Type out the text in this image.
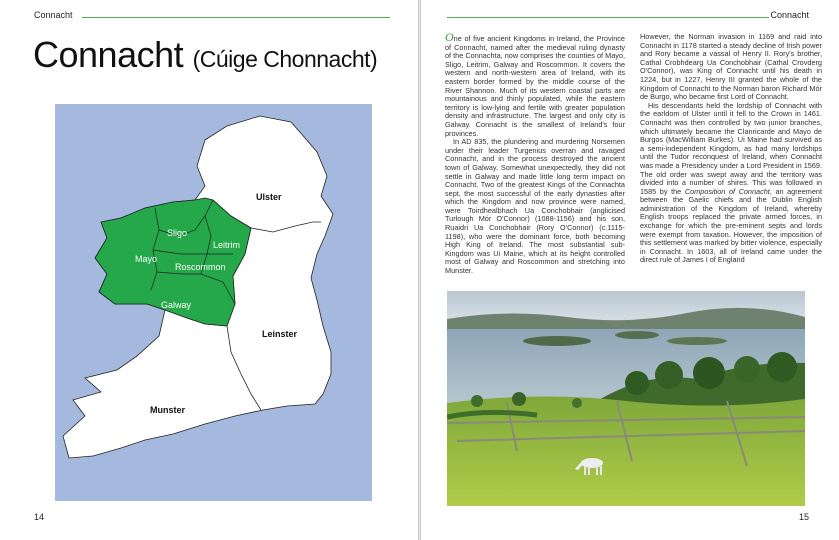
Connacht
Connacht (Cúige Chonnacht)
Ulster
Sligo
Leitrim
Mayo
Roscommon
Galway
Leinster
Munster
14
Connacht

One of five ancient Kingdoms in Ireland, the Province of Connacht, named after the medieval ruling dynasty of the Connachta, now comprises the counties of Mayo, Sligo, Leitrim, Galway and Roscommon. It covers the western and north-western area of Ireland, with its eastern border formed by the middle course of the River Shannon. Much of its western coastal parts are mountainous and thinly populated, while the eastern territory is low-lying and fertile with greater population density and infrastructure. The largest and only city is Galway. Connacht is the smallest of Ireland's four provinces.

In AD 835, the plundering and murdering Norsemen under their leader Turgenius overran and ravaged Connacht, and in the process destroyed the ancient town of Galway. Somewhat unexpectedly, they did not settle in Galway and made little long term impact on Connacht. Two of the greatest Kings of the Connachta sept, the most successful of the early dynasties after which the Kingdom and now province were named, were Toirdhealbhach Ua Conchobhair (anglicised Turlough Mór O'Connor) (1088-1156) and his son, Ruaidri Ua Conchobhair (Rory O'Connor) (c.1115-1198), who were the dominant force, both becoming High King of Ireland. The most substantial sub-Kingdom was Ui Maine, which at its height controlled most of Galway and Roscommon and stretching into Munster.

However, the Norman invasion in 1169 and raid into Connacht in 1178 started a steady decline of Irish power and Rory became a vassal of Henry II. Rory's brother, Cathal Crobhdearg Ua Conchobhair (Cathal Crovderg O'Connor), was King of Connacht until his death in 1224, but in 1227, Henry III granted the whole of the Kingdom of Connacht to the Norman baron Richard Mór de Burgo, who became first Lord of Connacht.

His descendants held the lordship of Connacht with the earldom of Ulster until it fell to the Crown in 1461. Connacht was then controlled by two junior branches, which ultimately became the Clanricarde and Mayo de Burgos (MacWilliam Burkes). Ui Maine had survived as a semi-independent Kingdom, as had many lordships until the Tudor reconquest of Ireland, when Connacht was made a Presidency under a Lord President in 1569. The old order was swept away and the territory was divided into a number of shires. This was followed in 1585 by the Composition of Connacht, an agreement between the Gaelic chiefs and the Dublin English administration of the Kingdom of Ireland, whereby English troops replaced the private armed forces, in exchange for which the pre-eminent septs and lords were exempt from taxation. However, the imposition of this settlement was marked by bitter violence, especially in Connacht. In 1603, all of Ireland came under the direct rule of James I of England

15
